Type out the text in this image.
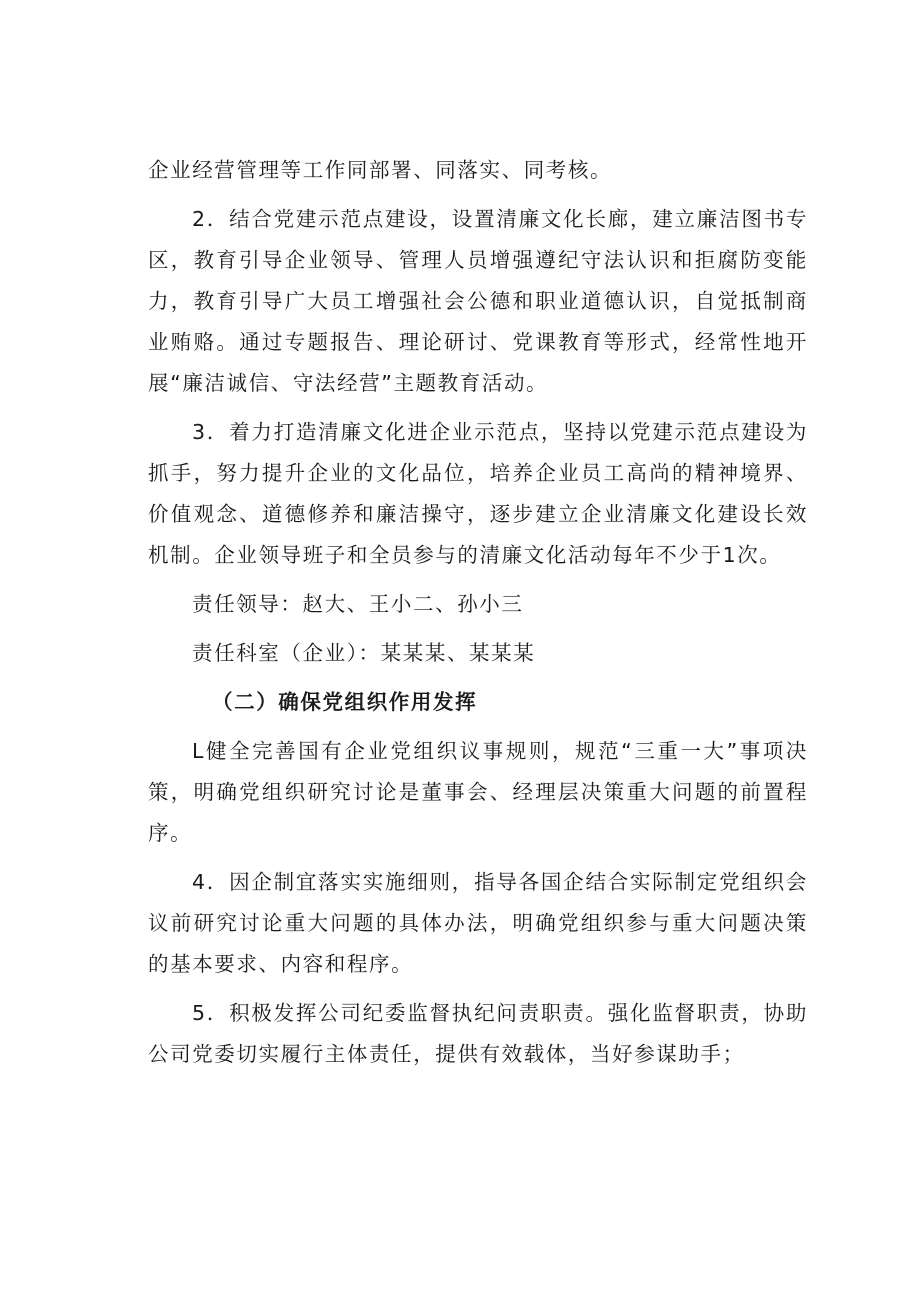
企业经营管理等工作同部署、同落实、同考核。

2．结合党建示范点建设，设置清廉文化长廊，建立廉洁图书专区，教育引导企业领导、管理人员增强遵纪守法认识和拒腐防变能力，教育引导广大员工增强社会公德和职业道德认识，自觉抵制商业贿赂。通过专题报告、理论研讨、党课教育等形式，经常性地开展“廉洁诚信、守法经营”主题教育活动。

3．着力打造清廉文化进企业示范点，坚持以党建示范点建设为抓手，努力提升企业的文化品位，培养企业员工高尚的精神境界、价值观念、道德修养和廉洁操守，逐步建立企业清廉文化建设长效机制。企业领导班子和全员参与的清廉文化活动每年不少于1次。

责任领导：赵大、王小二、孙小三

责任科室（企业）：某某某、某某某

（二）确保党组织作用发挥

L健全完善国有企业党组织议事规则，规范“三重一大”事项决策，明确党组织研究讨论是董事会、经理层决策重大问题的前置程序。

4．因企制宜落实实施细则，指导各国企结合实际制定党组织会议前研究讨论重大问题的具体办法，明确党组织参与重大问题决策的基本要求、内容和程序。

5．积极发挥公司纪委监督执纪问责职责。强化监督职责，协助公司党委切实履行主体责任，提供有效载体，当好参谋助手；
